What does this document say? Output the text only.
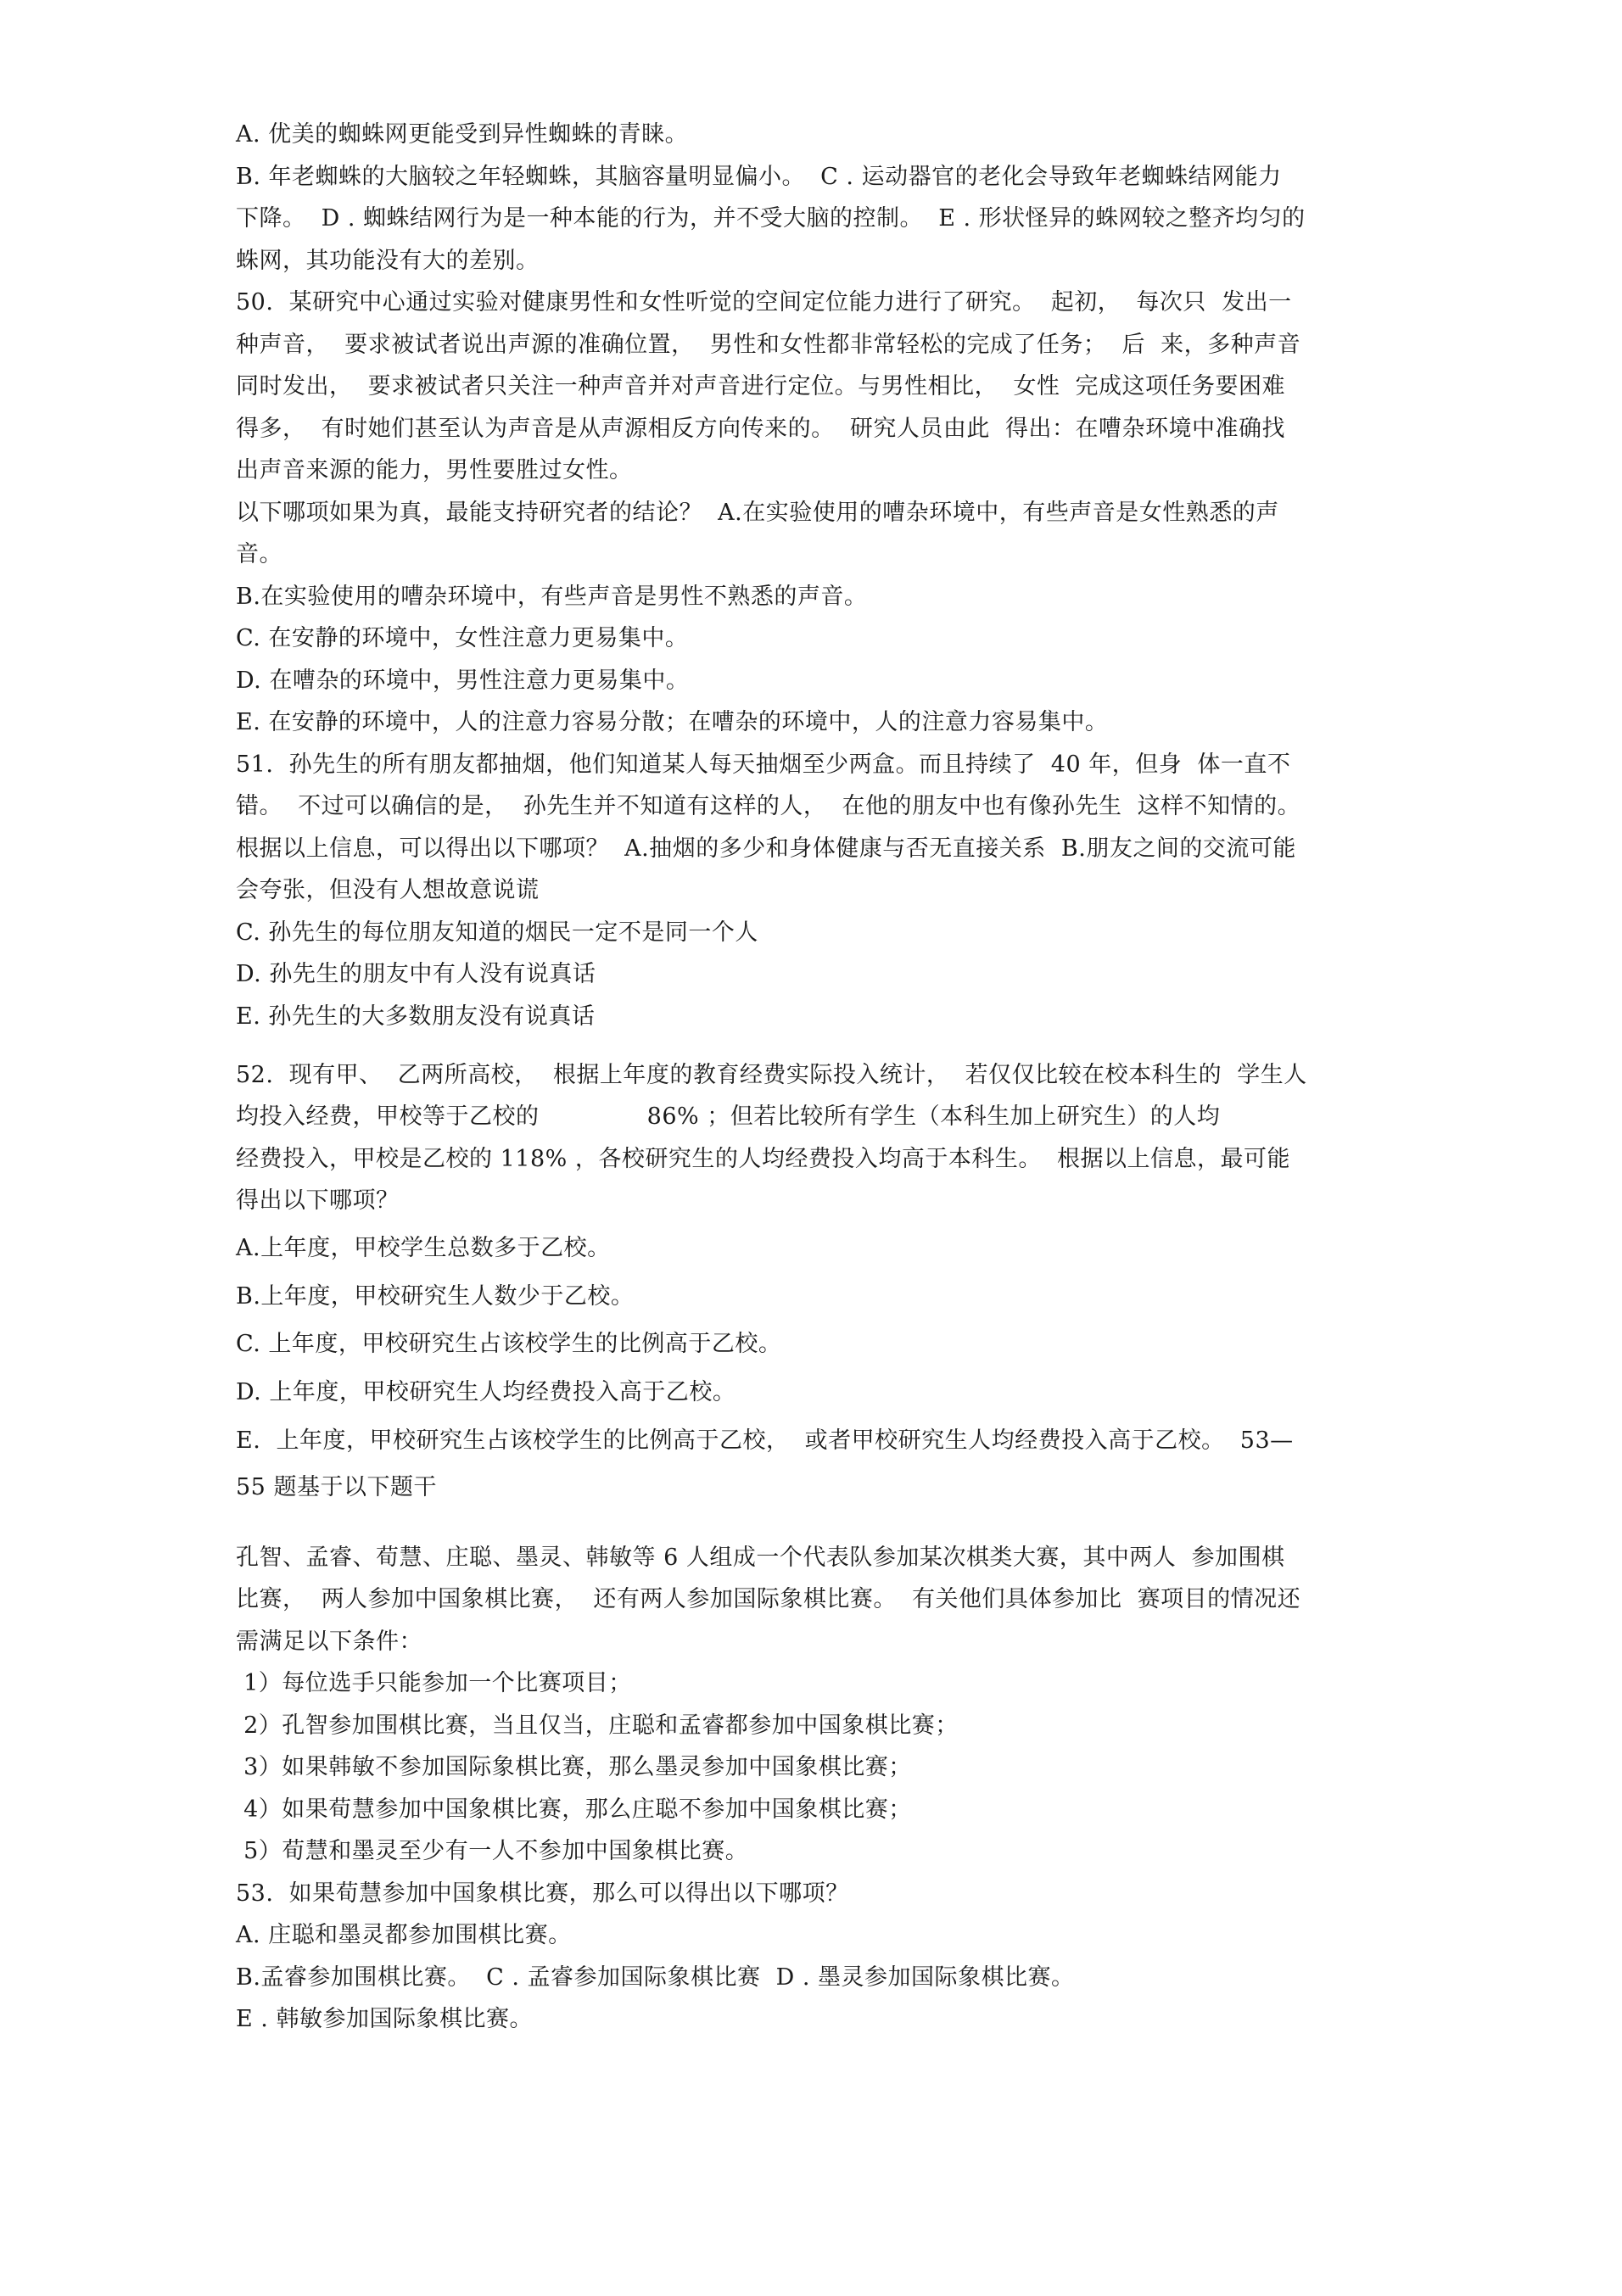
A. 优美的蜘蛛网更能受到异性蜘蛛的青睐。

B. 年老蜘蛛的大脑较之年轻蜘蛛，其脑容量明显偏小。  C . 运动器官的老化会导致年老蜘蛛结网能力

下降。  D . 蜘蛛结网行为是一种本能的行为，并不受大脑的控制。  E . 形状怪异的蛛网较之整齐均匀的

蛛网，其功能没有大的差别。

50.  某研究中心通过实验对健康男性和女性听觉的空间定位能力进行了研究。  起初，  每次只  发出一

种声音，  要求被试者说出声源的准确位置，  男性和女性都非常轻松的完成了任务；  后  来，多种声音

同时发出，  要求被试者只关注一种声音并对声音进行定位。与男性相比，  女性  完成这项任务要困难

得多，  有时她们甚至认为声音是从声源相反方向传来的。  研究人员由此  得出：在嘈杂环境中准确找

出声音来源的能力，男性要胜过女性。

以下哪项如果为真，最能支持研究者的结论？  A.在实验使用的嘈杂环境中，有些声音是女性熟悉的声

音。

B.在实验使用的嘈杂环境中，有些声音是男性不熟悉的声音。

C. 在安静的环境中，女性注意力更易集中。

D. 在嘈杂的环境中，男性注意力更易集中。

E. 在安静的环境中，人的注意力容易分散；在嘈杂的环境中，人的注意力容易集中。

51.  孙先生的所有朋友都抽烟，他们知道某人每天抽烟至少两盒。而且持续了  40 年，但身  体一直不

错。  不过可以确信的是，  孙先生并不知道有这样的人，  在他的朋友中也有像孙先生  这样不知情的。

根据以上信息，可以得出以下哪项？  A.抽烟的多少和身体健康与否无直接关系  B.朋友之间的交流可能

会夸张，但没有人想故意说谎

C. 孙先生的每位朋友知道的烟民一定不是同一个人

D. 孙先生的朋友中有人没有说真话

E. 孙先生的大多数朋友没有说真话

52.  现有甲、  乙两所高校，  根据上年度的教育经费实际投入统计，  若仅仅比较在校本科生的  学生人

均投入经费，甲校等于乙校的              86% ；但若比较所有学生（本科生加上研究生）的人均

经费投入，甲校是乙校的 118% ，各校研究生的人均经费投入均高于本科生。  根据以上信息，最可能

得出以下哪项？

A.上年度，甲校学生总数多于乙校。

B.上年度，甲校研究生人数少于乙校。

C. 上年度，甲校研究生占该校学生的比例高于乙校。

D. 上年度，甲校研究生人均经费投入高于乙校。

E.  上年度，甲校研究生占该校学生的比例高于乙校，  或者甲校研究生人均经费投入高于乙校。  53—

55 题基于以下题干

孔智、孟睿、荀慧、庄聪、墨灵、韩敏等 6 人组成一个代表队参加某次棋类大赛，其中两人  参加围棋

比赛，  两人参加中国象棋比赛，  还有两人参加国际象棋比赛。  有关他们具体参加比  赛项目的情况还

需满足以下条件：

1）每位选手只能参加一个比赛项目；

2）孔智参加围棋比赛，当且仅当，庄聪和孟睿都参加中国象棋比赛；

3）如果韩敏不参加国际象棋比赛，那么墨灵参加中国象棋比赛；

4）如果荀慧参加中国象棋比赛，那么庄聪不参加中国象棋比赛；

5）荀慧和墨灵至少有一人不参加中国象棋比赛。

53.  如果荀慧参加中国象棋比赛，那么可以得出以下哪项？

A. 庄聪和墨灵都参加围棋比赛。

B.孟睿参加围棋比赛。  C . 孟睿参加国际象棋比赛  D . 墨灵参加国际象棋比赛。

E . 韩敏参加国际象棋比赛。
